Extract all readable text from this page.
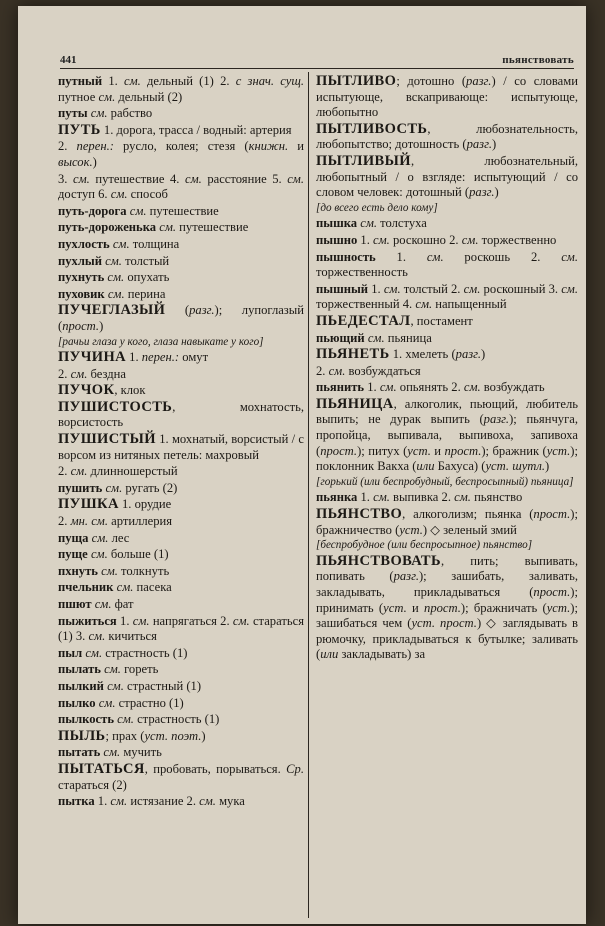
441	пьянствовать

путный 1. см. дельный (1) 2. с знач. сущ. путное см. дельный (2)

путы см. рабство

ПУТЬ 1. дорога, трасса / водный: артерия

2. перен.: русло, колея; стезя (книжн. и высок.)

3. см. путешествие 4. см. расстояние 5. см. доступ 6. см. способ

путь-дорога см. путешествие

путь-дороженька см. путешествие

пухлость см. толщина

пухлый см. толстый

пухнуть см. опухать

пуховик см. перина

ПУЧЕГЛАЗЫЙ (разг.); лупоглазый (прост.)

[рачьи глаза у кого, глаза навыкате у кого]

ПУЧИНА 1. перен.: омут

2. см. бездна

ПУЧОК, клок

ПУШИСТОСТЬ, мохнатость, ворсистость

ПУШИСТЫЙ 1. мохнатый, ворсистый / с ворсом из нитяных петель: махровый

2. см. длинношерстый

пушить см. ругать (2)

ПУШКА 1. орудие

2. мн. см. артиллерия

пуща см. лес

пуще см. больше (1)

пхнуть см. толкнуть

пчельник см. пасека

пшют см. фат

пыжиться 1. см. напрягаться 2. см. стараться (1) 3. см. кичиться

пыл см. страстность (1)

пылать см. гореть

пылкий см. страстный (1)

пылко см. страстно (1)

пылкость см. страстность (1)

ПЫЛЬ; прах (уст. поэт.)

пытать см. мучить

ПЫТАТЬСЯ, пробовать, порываться. Ср. стараться (2)

пытка 1. см. истязание 2. см. мука

ПЫТЛИВО; дотошно (разг.) / со словами испытующе, вскапривающе: испытующе, любопытно

ПЫТЛИВОСТЬ, любознательность, любопытство; дотошность (разг.)

ПЫТЛИВЫЙ, любознательный, любопытный / о взгляде: испытующий / со словом человек: дотошный (разг.)

[до всего есть дело кому]

пышка см. толстуха

пышно 1. см. роскошно 2. см. торжественно

пышность 1. см. роскошь 2. см. торжественность

пышный 1. см. толстый 2. см. роскошный 3. см. торжественный 4. см. напыщенный

ПЬЕДЕСТАЛ, постамент

пьющий см. пьяница

ПЬЯНЕТЬ 1. хмелеть (разг.)

2. см. возбуждаться

пьянить 1. см. опьянять 2. см. возбуждать

ПЬЯНИЦА, алкоголик, пьющий, любитель выпить; не дурак выпить (разг.); пьянчуга, пропойца, выпивала, выпивоха, запивоха (прост.); питух (уст. и прост.); бражник (уст.); поклонник Вакха (или Бахуса) (уст. шутл.)

[горький (или беспробудный, беспросыпный) пьяница]

пьянка 1. см. выпивка 2. см. пьянство

ПЬЯНСТВО, алкоголизм; пьянка (прост.); бражничество (уст.) ◇ зеленый змий

[беспробудное (или беспросыпное) пьянство]

ПЬЯНСТВОВАТЬ, пить; выпивать, попивать (разг.); зашибать, заливать, закладывать, прикладываться (прост.); принимать (уст. и прост.); бражничать (уст.); зашибаться чем (уст. прост.) ◇ заглядывать в рюмочку, прикладываться к бутылке; заливать (или закладывать) за
